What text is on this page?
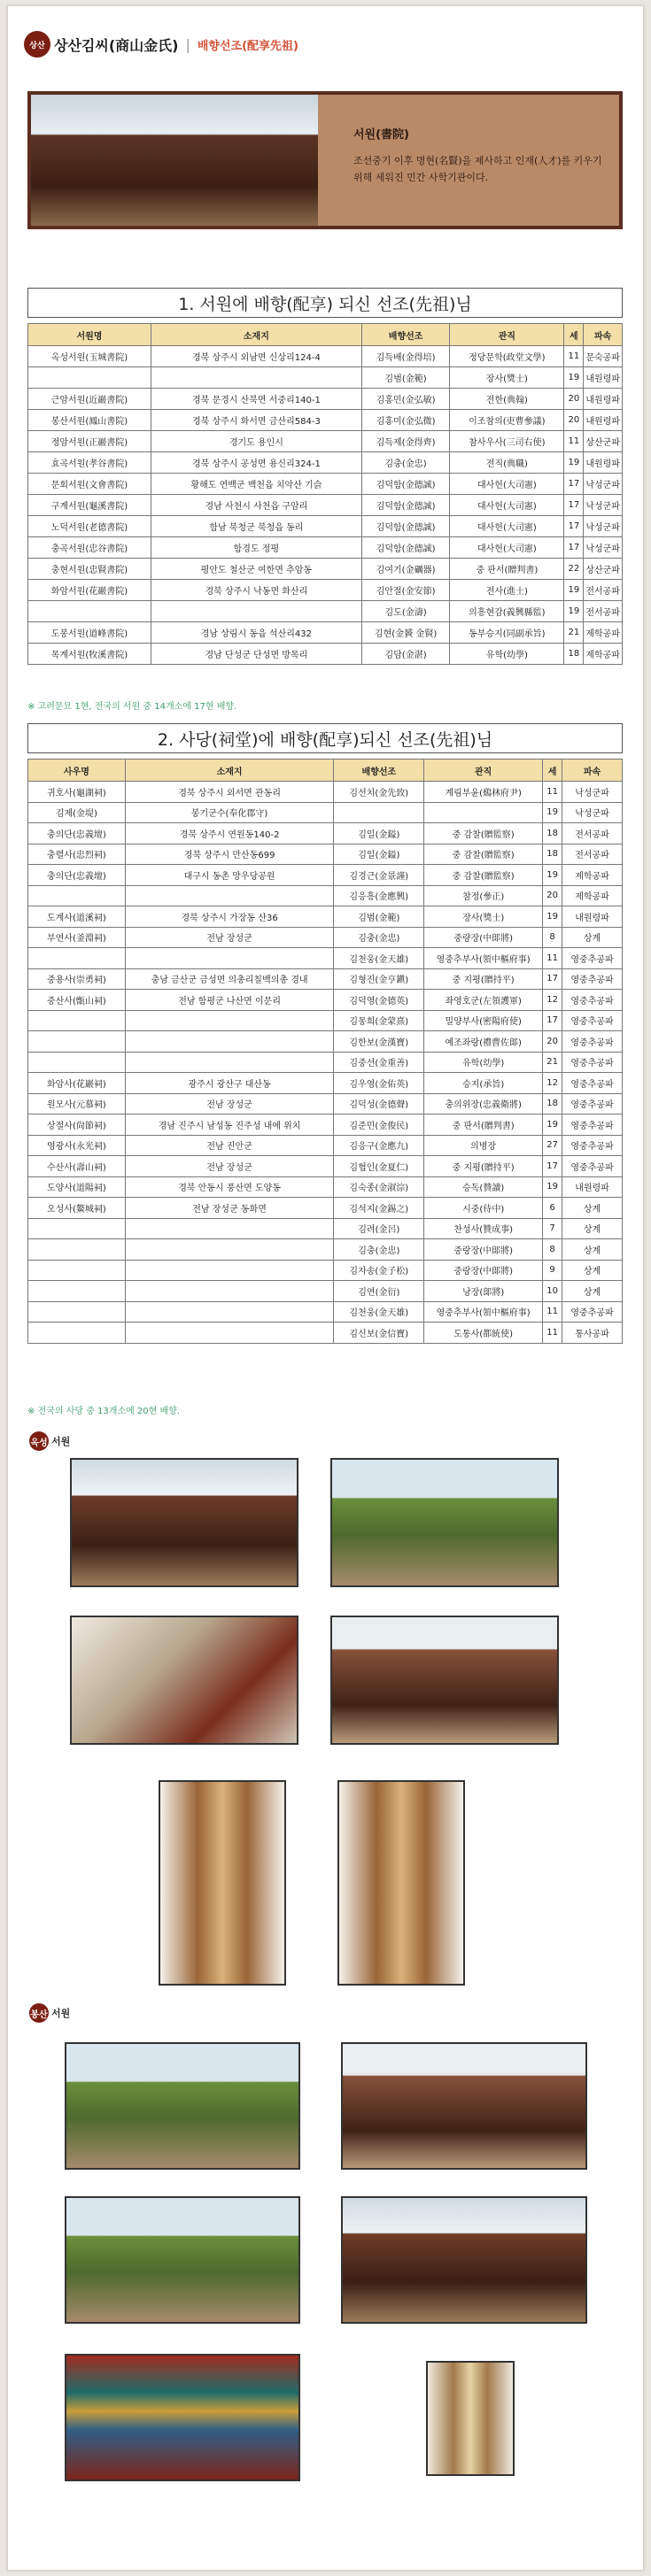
상산 상산김씨(商山金氏) | 배향선조(配享先祖)
서원(書院)
조선중기 이후 명현(名賢)을 제사하고 인재(人才)를 키우기 위해 세워진 민간 사학기관이다.
1. 서원에 배향(配享) 되신 선조(先祖)님
서원명	소재지	배향선조	관직	세	파속
옥성서원(玉城書院)	경북 상주시 외남면 신상리124-4	김득배(金得培)	정당문학(政堂文學)	11	문숙공파
		김범(金範)	장사(獎士)	19	내원령파
근암서원(近巖書院)	경북 문경시 산북면 서중리140-1	김홍민(金弘敏)	전한(典翰)	20	내원령파
봉산서원(鳳山書院)	경북 상주시 화서면 금산리584-3	김홍미(金弘微)	이조참의(吏曹參議)	20	내원령파
정암서원(正巖書院)	경기도 용인시	김득제(金得齊)	참사우사(三司右使)	11	상산군파
효곡서원(孝谷書院)	경북 상주시 공성면 용신리324-1	김충(金忠)	전직(典職)	19	내원령파
문회서원(文會書院)	황해도 연백군 백천읍 치악산 기슭	김덕함(金德誠)	대사헌(大司憲)	17	낙성군파
구계서원(龜溪書院)	경남 사천시 사천읍 구암리	김덕함(金德誠)	대사헌(大司憲)	17	낙성군파
노덕서원(老德書院)	함남 북청군 북청읍 동리	김덕함(金德誠)	대사헌(大司憲)	17	낙성군파
충곡서원(忠谷書院)	함경도 정평	김덕함(金德誠)	대사헌(大司憲)	17	낙성군파
충현서원(忠賢書院)	평안도 철산군 여한면 추암동	김여기(金礪器)	중 판서(贈判書)	22	상산군파
화암서원(花巖書院)	경북 상주시 낙동면 화산리	김안절(金安節)	전사(進士)	19	전서공파
		김도(金濤)	의흥현감(義興縣監)	19	전서공파
도봉서원(道峰書院)	경남 상림시 동읍 석산리432	김현(金贇 金賢)	동부승지(同副承旨)	21	제학공파
목계서원(牧溪書院)	경남 단성군 단성면 방목리	김담(金湛)	유학(幼學)	18	제학공파
※ 고려문묘 1현, 전국의 서원 중 14개소에 17현 배향.
2. 사당(祠堂)에 배향(配享)되신 선조(先祖)님
사우명	소재지	배향선조	관직	세	파속
귀호사(龜湖祠)	경북 상주시 외서면 관동리	김선치(金先致)	계림부윤(鷄林府尹)	11	낙성군파
김제(金堤)	봉기군수(奉化郡守)			19	낙성군파
충의단(忠義壇)	경북 상주시 연원동140-2	김일(金鎰)	중 감찰(贈監察)	18	전서공파
충렬사(忠烈祠)	경북 상주시 만산동699	김일(金鎰)	중 감찰(贈監察)	18	전서공파
충의단(忠義壇)	대구시 동촌 망우당공원	김경근(金景謹)	중 감찰(贈監察)	19	제학공파
		김응흥(金應興)	참정(參正)	20	제학공파
도계사(道溪祠)	경북 상주시 가장동 산36	김범(金範)	장사(獎士)	19	내원령파
부연사(釜淵祠)	전남 장성군	김충(金忠)	중량장(中郞將)	8	상계
		김천웅(金天雄)	영중추부사(領中樞府事)	11	영중추공파
중용사(崇勇祠)	충남 금산군 금성면 의총리칠백의총 경내	김형진(金亨鎭)	중 지평(贈持平)	17	영중추공파
중산사(甑山祠)	전남 함평군 나산면 이문리	김덕영(金德英)	좌영호군(左領護軍)	12	영중추공파
		김몽희(金蒙熹)	밀양부사(密陽府使)	17	영중추공파
		김한보(金漢寶)	예조좌랑(禮曹佐郞)	20	영중추공파
		김중선(金重善)	유학(幼學)	21	영중추공파
화암사(花巖祠)	광주시 광산구 대산동	김우영(金佑英)	승지(承旨)	12	영중추공파
원모사(元慕祠)	전남 장성군	김덕성(金德聲)	충의위장(忠義衛將)	18	영중추공파
상절사(尙節祠)	경남 진주시 남성동 진주성 내에 위치	김준민(金俊民)	중 판서(贈判書)	19	영중추공파
영광사(永光祠)	전남 진안군	김응구(金應九)	의병장	27	영중추공파
수산사(壽山祠)	전남 장성군	김협인(金夏仁)	중 지평(贈持平)	17	영중추공파
도양사(道陽祠)	경북 안동시 풍산면 도양동	김숙종(金淑淙)	승독(贊讀)	19	내원령파
오성사(鰲城祠)	전남 장성군 동화면	김석지(金錫之)	시중(侍中)	6	상계
		김려(金呂)	찬성사(贊成事)	7	상계
		김충(金忠)	중랑장(中郞將)	8	상계
		김자송(金子松)	중랑장(中郞將)	9	상계
		김연(金衍)	낭장(郞將)	10	상계
		김천웅(金天雄)	영중추부사(領中樞府事)	11	영중추공파
		김신보(金信寶)	도통사(都統使)	11	통사공파
※ 전국의 사당 중 13개소에 20현 배향.
옥성 서원
봉산 서원
